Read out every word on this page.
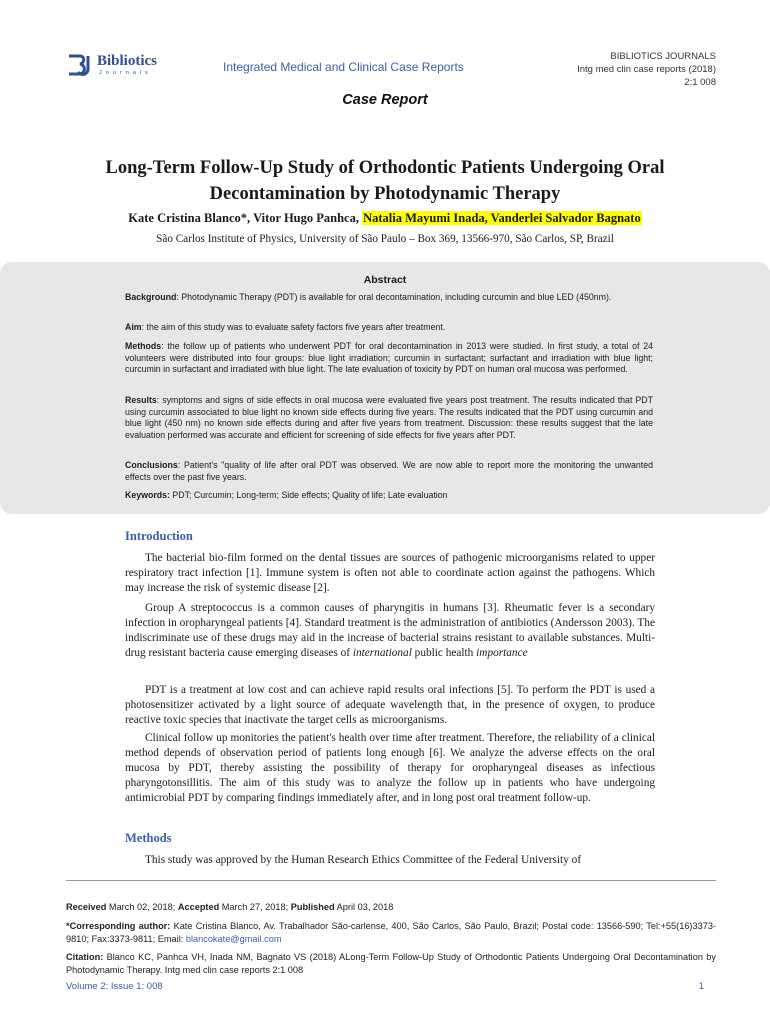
Bibliotics
Journals	Integrated Medical and Clinical Case Reports
BIBLIOTICS JOURNALS
Intg med clin case reports (2018)
2:1 008
Case Report
Long-Term Follow-Up Study of Orthodontic Patients Undergoing Oral Decontamination by Photodynamic Therapy
Kate Cristina Blanco*, Vitor Hugo Panhca, Natalia Mayumi Inada, Vanderlei Salvador Bagnato
São Carlos Institute of Physics, University of São Paulo – Box 369, 13566-970, São Carlos, SP, Brazil
Abstract

Background: Photodynamic Therapy (PDT) is available for oral decontamination, including curcumin and blue LED (450nm).

Aim: the aim of this study was to evaluate safety factors five years after treatment.

Methods: the follow up of patients who underwent PDT for oral decontamination in 2013 were studied. In first study, a total of 24 volunteers were distributed into four groups: blue light irradiation; curcumin in surfactant; surfactant and irradiation with blue light; curcumin in surfactant and irradiated with blue light. The late evaluation of toxicity by PDT on human oral mucosa was performed.

Results: symptoms and signs of side effects in oral mucosa were evaluated five years post treatment. The results indicated that PDT using curcumin associated to blue light no known side effects during five years. The results indicated that the PDT using curcumin and blue light (450 nm) no known side effects during and after five years from treatment. Discussion: these results suggest that the late evaluation performed was accurate and efficient for screening of side effects for five years after PDT.

Conclusions: Patient's "quality of life after oral PDT was observed. We are now able to report more the monitoring the unwanted effects over the past five years.

Keywords: PDT; Curcumin; Long-term; Side effects; Quality of life; Late evaluation

Introduction

The bacterial bio-film formed on the dental tissues are sources of pathogenic microorganisms related to upper respiratory tract infection [1]. Immune system is often not able to coordinate action against the pathogens. Which may increase the risk of systemic disease [2].

Group A streptococcus is a common causes of pharyngitis in humans [3]. Rheumatic fever is a secondary infection in oropharyngeal patients [4]. Standard treatment is the administration of antibiotics (Andersson 2003). The indiscriminate use of these drugs may aid in the increase of bacterial strains resistant to available substances. Multi-drug resistant bacteria cause emerging diseases of international public health importance

PDT is a treatment at low cost and can achieve rapid results oral infections [5]. To perform the PDT is used a photosensitizer activated by a light source of adequate wavelength that, in the presence of oxygen, to produce reactive toxic species that inactivate the target cells as microorganisms.

Clinical follow up monitories the patient's health over time after treatment. Therefore, the reliability of a clinical method depends of observation period of patients long enough [6]. We analyze the adverse effects on the oral mucosa by PDT, thereby assisting the possibility of therapy for oropharyngeal diseases as infectious pharyngotonsillitis. The aim of this study was to analyze the follow up in patients who have undergoing antimicrobial PDT by comparing findings immediately after, and in long post oral treatment follow-up.

Methods

This study was approved by the Human Research Ethics Committee of the Federal University of

Received March 02, 2018; Accepted March 27, 2018; Published April 03, 2018

*Corresponding author: Kate Cristina Blanco, Av. Trabalhador São-carlense, 400, São Carlos, São Paulo, Brazil; Postal code: 13566-590; Tel:+55(16)3373-9810; Fax:3373-9811; Email: blancokate@gmail.com

Citation: Blanco KC, Panhca VH, Inada NM, Bagnato VS (2018) ALong-Term Follow-Up Study of Orthodontic Patients Undergoing Oral Decontamination by Photodynamic Therapy. Intg med clin case reports 2:1 008

Volume 2: Issue 1: 008	1
